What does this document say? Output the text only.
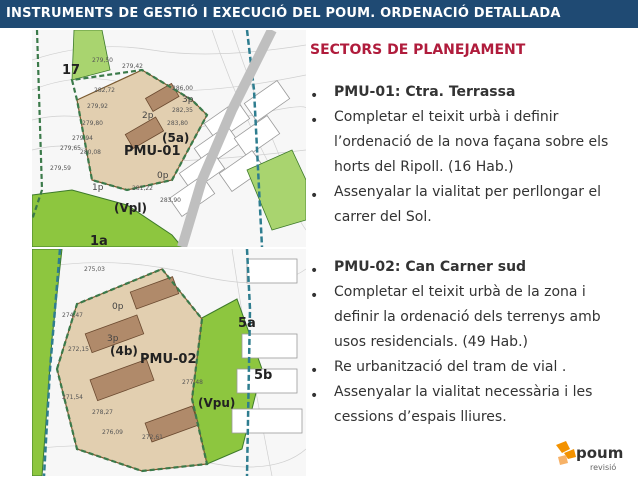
INSTRUMENTS DE GESTIÓ I EXECUCIÓ DEL POUM. ORDENACIÓ DETALLADA
17
PMU-01
(5a)
(Vpl)
1a
2p
3p
0p
1p
279,50
279,42
282,72
279,92
279,80
279,94
279,65
280,08
279,59
281,22
283,90
286,00
282,35
283,80
5a
(4b)
PMU-02
5b
(Vpu)
3p
0p
275,03
274,47
272,15
271,54
278,27
276,09
272,61
277,48
SECTORS DE PLANEJAMENT
• PMU-01: Ctra. Terrassa
• Completar el teixit urbà i definir l’ordenació de la nova façana sobre els horts del Ripoll. (16 Hab.)
• Assenyalar la vialitat per perllongar el carrer del Sol.
• PMU-02: Can Carner sud
• Completar el teixit urbà de la zona i definir la ordenació dels terrenys amb usos residencials. (49 Hab.)
• Re urbanització del tram de vial .
• Assenyalar la vialitat necessària i les cessions d’espais lliures.
poum
revisió
